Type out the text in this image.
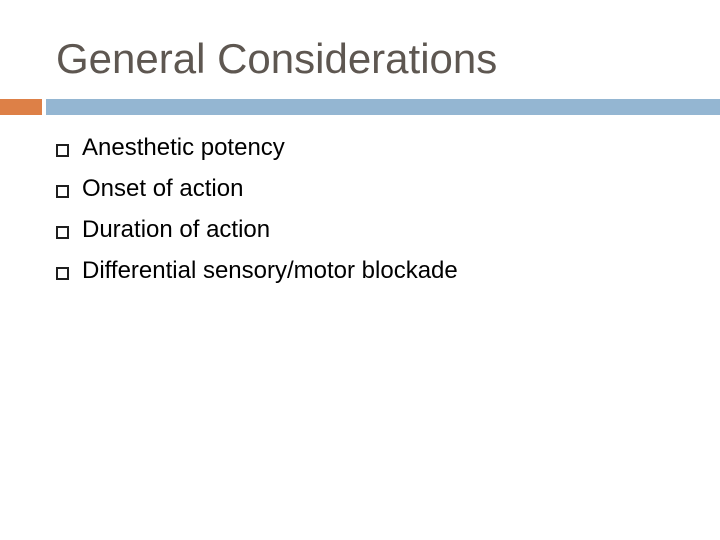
General Considerations
Anesthetic potency
Onset of action
Duration of action
Differential sensory/motor blockade
